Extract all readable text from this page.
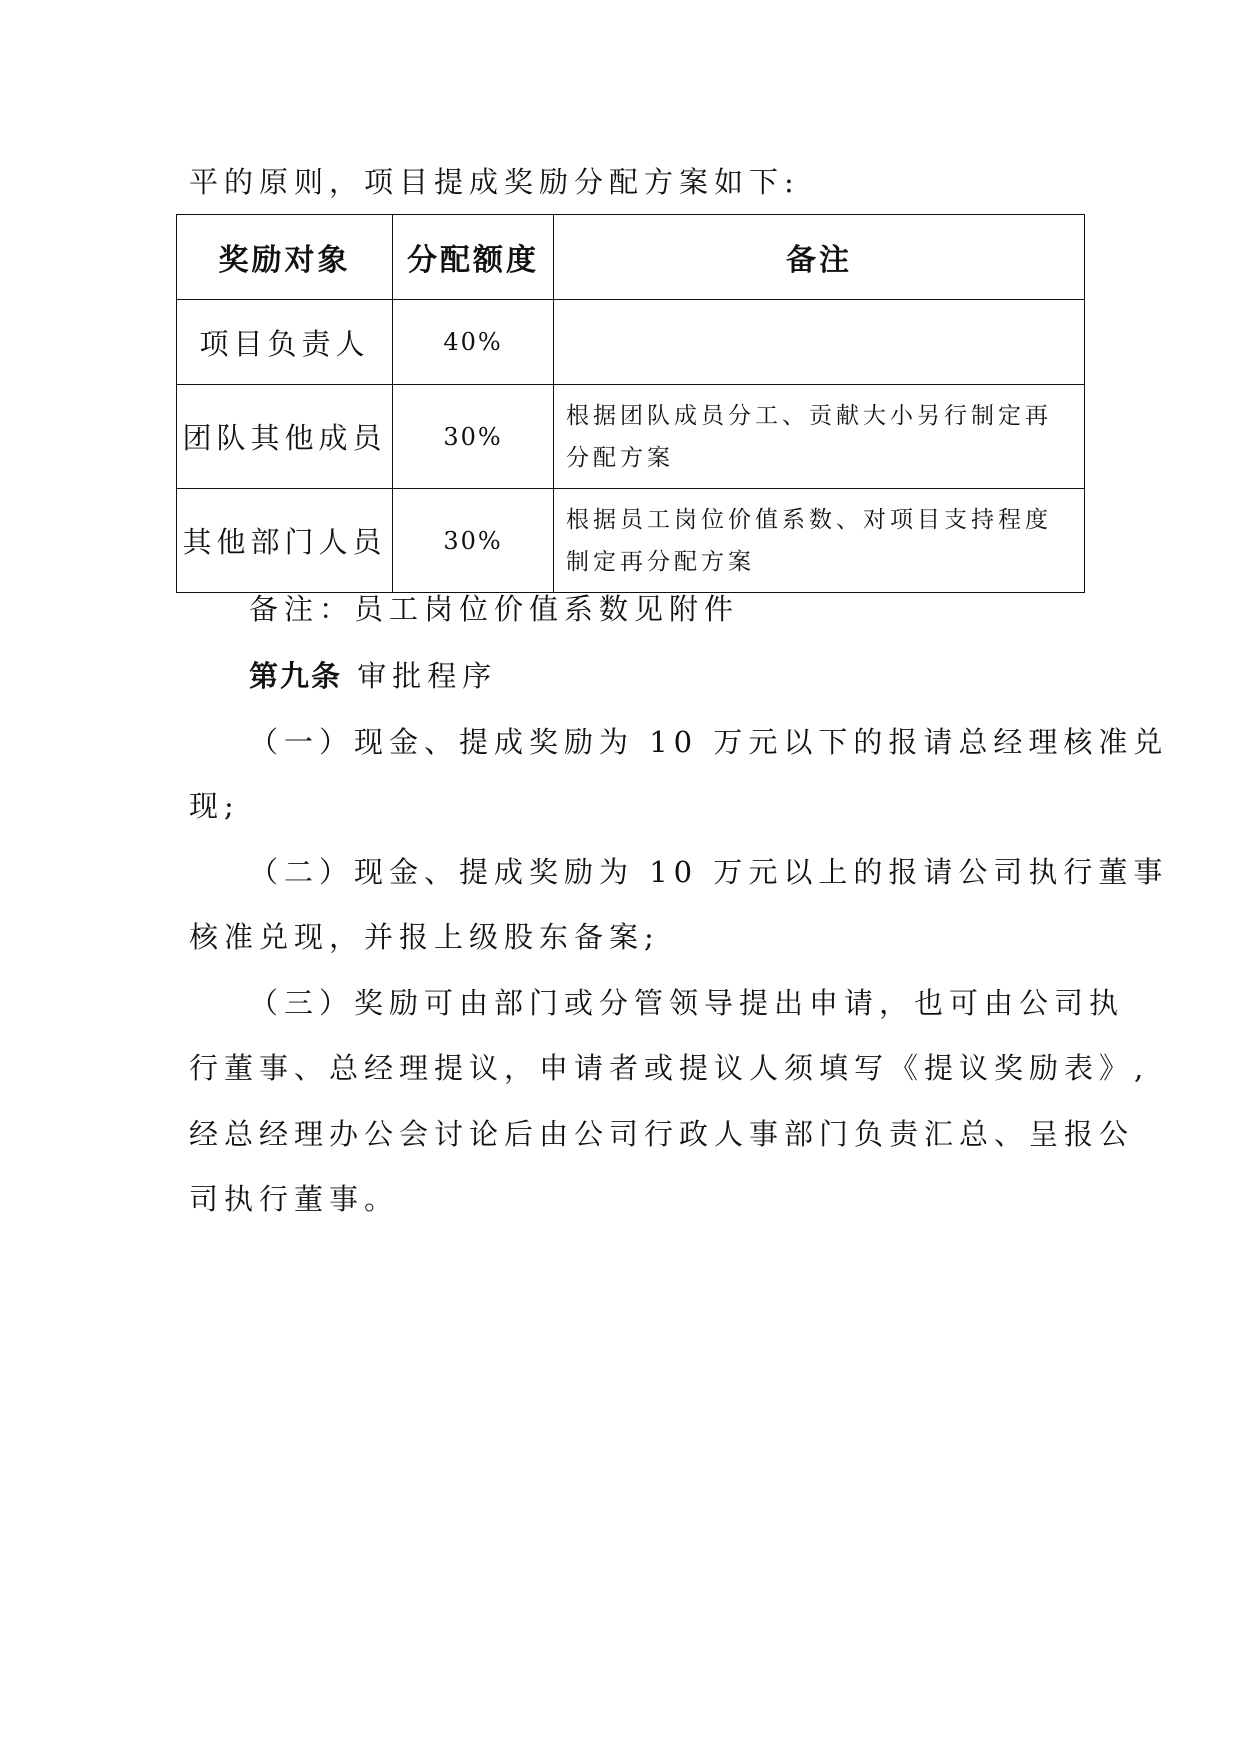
平的原则，项目提成奖励分配方案如下:
奖励对象	分配额度	备注
项目负责人	40%	
团队其他成员	30%	根据团队成员分工、贡献大小另行制定再分配方案
其他部门人员	30%	根据员工岗位价值系数、对项目支持程度制定再分配方案
备注：员工岗位价值系数见附件
第九条 审批程序
（一）现金、提成奖励为 10 万元以下的报请总经理核准兑
现;
（二）现金、提成奖励为 10 万元以上的报请公司执行董事
核准兑现，并报上级股东备案;
（三）奖励可由部门或分管领导提出申请，也可由公司执
行董事、总经理提议，申请者或提议人须填写《提议奖励表》,
经总经理办公会讨论后由公司行政人事部门负责汇总、呈报公
司执行董事。
